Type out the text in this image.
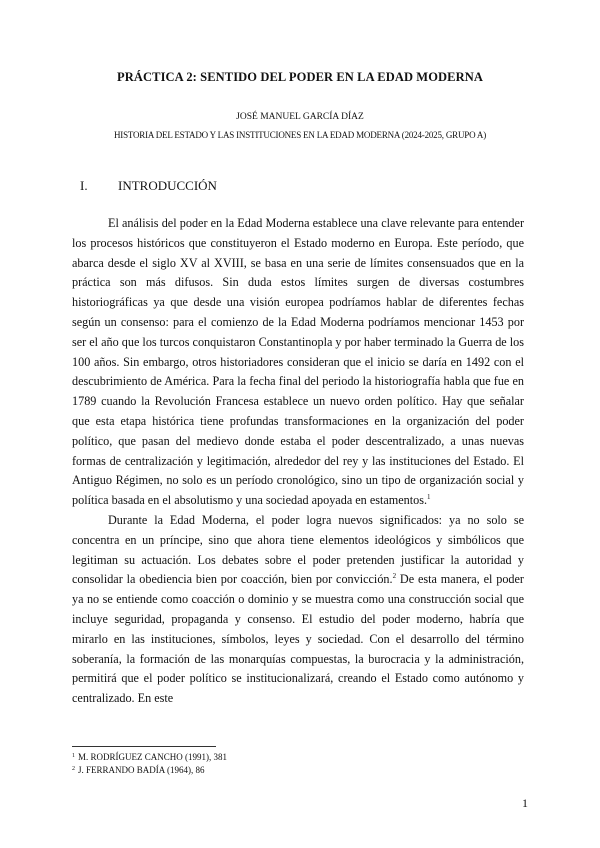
PRÁCTICA 2: SENTIDO DEL PODER EN LA EDAD MODERNA
JOSÉ MANUEL GARCÍA DÍAZ
HISTORIA DEL ESTADO Y LAS INSTITUCIONES EN LA EDAD MODERNA (2024-2025, GRUPO A)
I. INTRODUCCIÓN

El análisis del poder en la Edad Moderna establece una clave relevante para entender los procesos históricos que constituyeron el Estado moderno en Europa. Este período, que abarca desde el siglo XV al XVIII, se basa en una serie de límites consensuados que en la práctica son más difusos. Sin duda estos límites surgen de diversas costumbres historiográficas ya que desde una visión europea podríamos hablar de diferentes fechas según un consenso: para el comienzo de la Edad Moderna podríamos mencionar 1453 por ser el año que los turcos conquistaron Constantinopla y por haber terminado la Guerra de los 100 años. Sin embargo, otros historiadores consideran que el inicio se daría en 1492 con el descubrimiento de América. Para la fecha final del periodo la historiografía habla que fue en 1789 cuando la Revolución Francesa establece un nuevo orden político. Hay que señalar que esta etapa histórica tiene profundas transformaciones en la organización del poder político, que pasan del medievo donde estaba el poder descentralizado, a unas nuevas formas de centralización y legitimación, alrededor del rey y las instituciones del Estado. El Antiguo Régimen, no solo es un período cronológico, sino un tipo de organización social y política basada en el absolutismo y una sociedad apoyada en estamentos.$^1$

Durante la Edad Moderna, el poder logra nuevos significados: ya no solo se concentra en un príncipe, sino que ahora tiene elementos ideológicos y simbólicos que legitiman su actuación. Los debates sobre el poder pretenden justificar la autoridad y consolidar la obediencia bien por coacción, bien por convicción.$^2$ De esta manera, el poder ya no se entiende como coacción o dominio y se muestra como una construcción social que incluye seguridad, propaganda y consenso. El estudio del poder moderno, habría que mirarlo en las instituciones, símbolos, leyes y sociedad. Con el desarrollo del término soberanía, la formación de las monarquías compuestas, la burocracia y la administración, permitirá que el poder político se institucionalizará, creando el Estado como autónomo y centralizado. En este

$^1$ M. RODRÍGUEZ CANCHO (1991), 381
$^2$ J. FERRANDO BADÍA (1964), 86
1
